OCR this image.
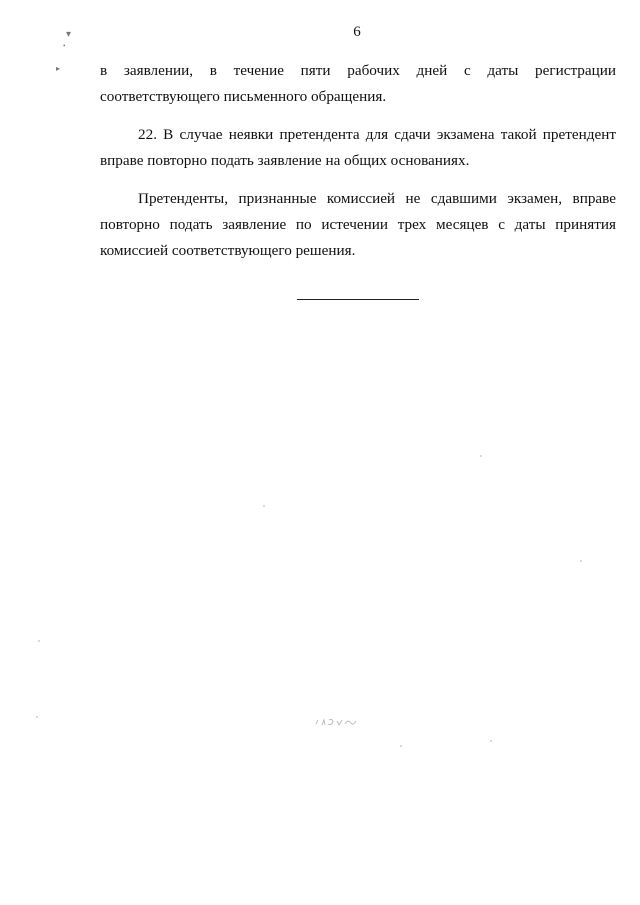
6
▾
•
▸	в заявлении, в течение пяти рабочих дней с даты регистрации соответствующего письменного обращения.

22. В случае неявки претендента для сдачи экзамена такой претендент вправе повторно подать заявление на общих основаниях.

Претенденты, признанные комиссией не сдавшими экзамен, вправе повторно подать заявление по истечении трех месяцев с даты принятия комиссией соответствующего решения.
